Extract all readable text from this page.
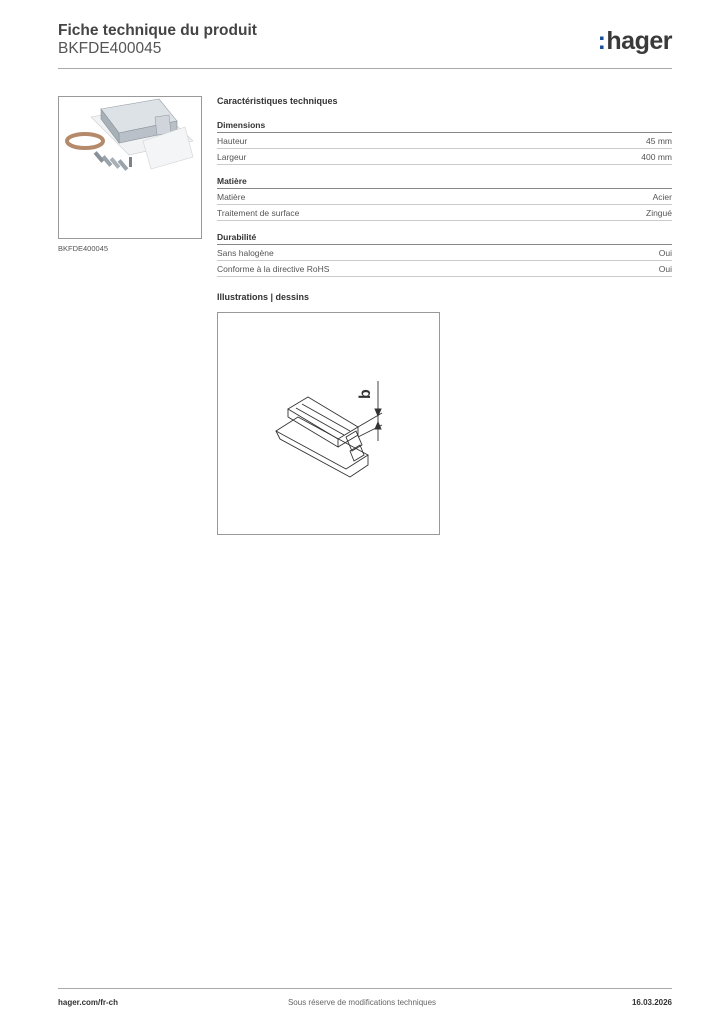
Fiche technique du produit
BKFDE400045	:hager
BKFDE400045
Caractéristiques techniques
Dimensions
Hauteur	45 mm
Largeur	400 mm
Matière
Matière	Acier
Traitement de surface	Zingué
Durabilité
Sans halogène	Oui
Conforme à la directive RoHS	Oui
Illustrations | dessins
b
hager.com/fr-ch	Sous réserve de modifications techniques	16.03.2026
